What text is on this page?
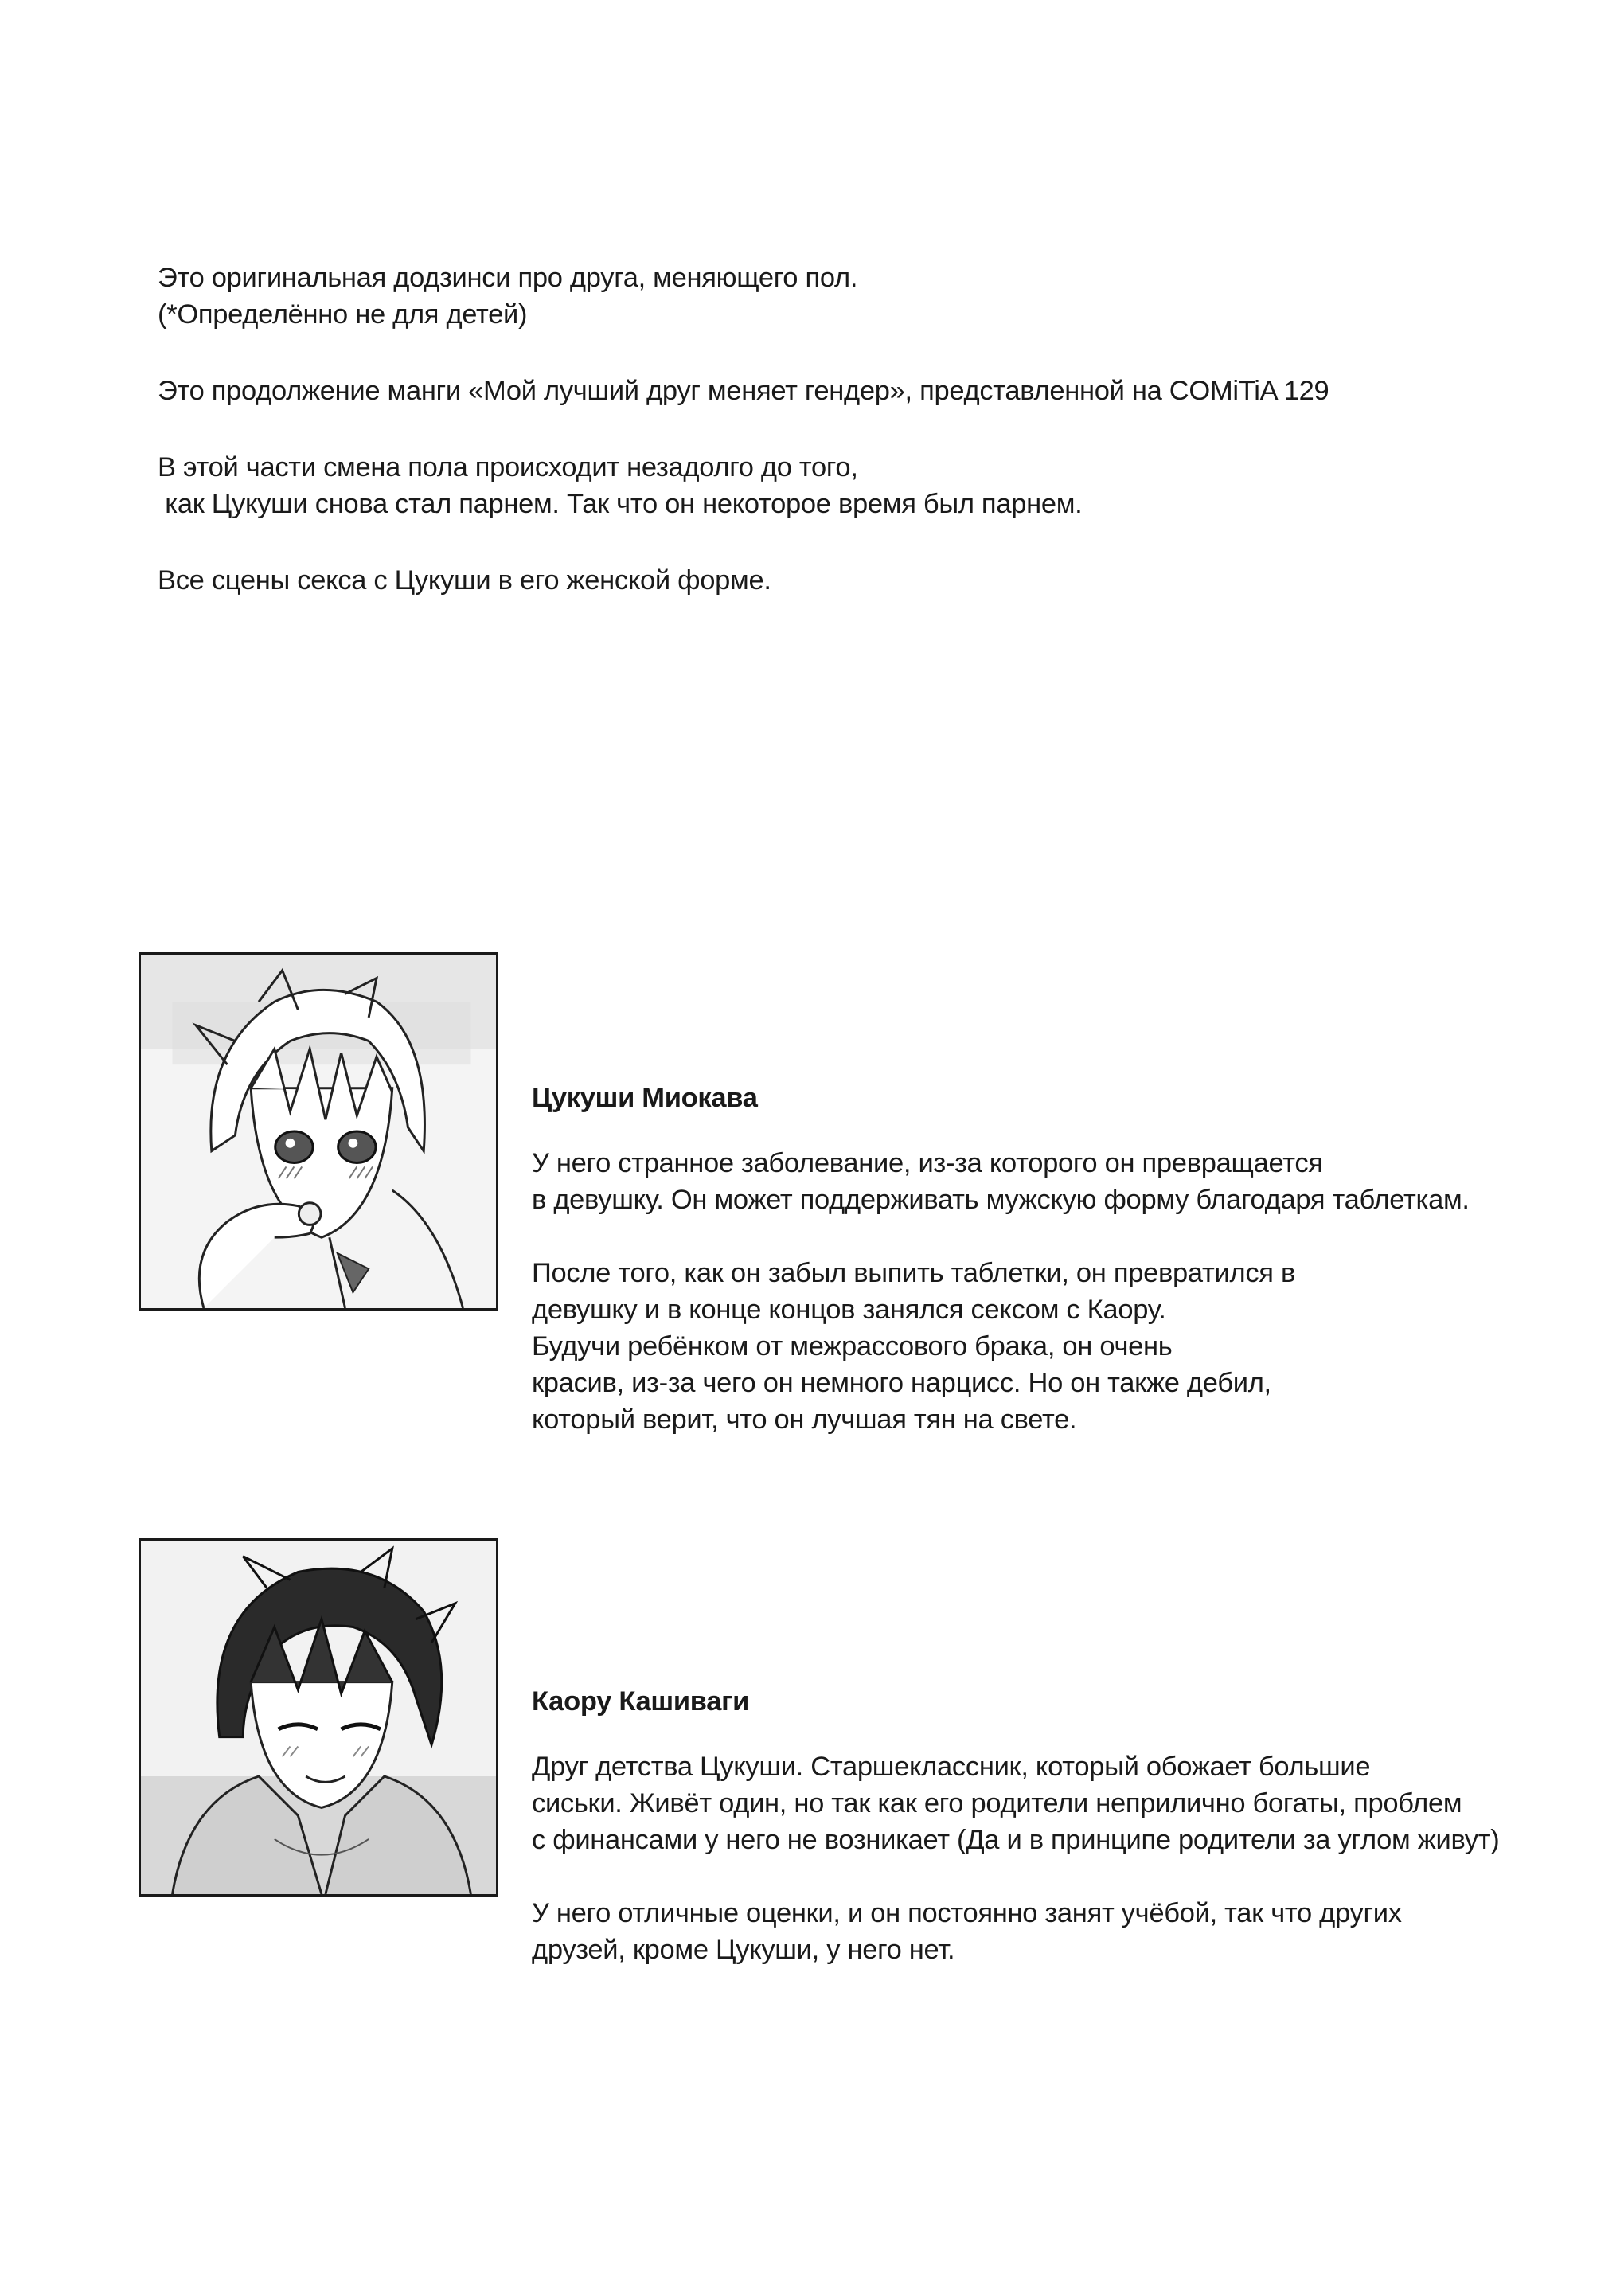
Это оригинальная додзинси про друга, меняющего пол.
(*Определённо не для детей)
Это продолжение манги «Мой лучший друг меняет гендер», представленной на COMiTiA 129
В этой части смена пола происходит незадолго до того,
как Цукуши снова стал парнем. Так что он некоторое время был парнем.
Все сцены секса с Цукуши в его женской форме.
Цукуши Миокава
У него странное заболевание, из-за которого он превращается
в девушку. Он может поддерживать мужскую форму благодаря таблеткам.
После того, как он забыл выпить таблетки, он превратился в
девушку и в конце концов занялся сексом с Каору.
Будучи ребёнком от межрассового брака, он очень
красив, из-за чего он немного нарцисс. Но он также дебил,
который верит, что он лучшая тян на свете.
Каору Кашиваги
Друг детства Цукуши. Старшеклассник, который обожает большие
сиськи. Живёт один, но так как его родители неприлично богаты, проблем
с финансами у него не возникает (Да и в принципе родители за углом живут)
У него отличные оценки, и он постоянно занят учёбой, так что других
друзей, кроме Цукуши, у него нет.
